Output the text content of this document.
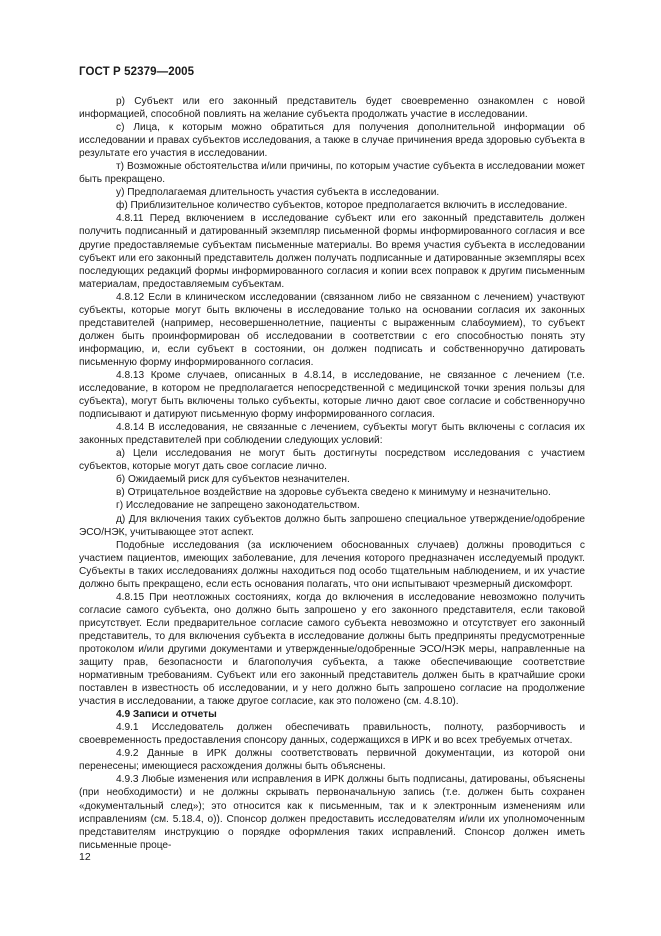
ГОСТ Р 52379—2005

р) Субъект или его законный представитель будет своевременно ознакомлен с новой информацией, способной повлиять на желание субъекта продолжать участие в исследовании.

с) Лица, к которым можно обратиться для получения дополнительной информации об исследовании и правах субъектов исследования, а также в случае причинения вреда здоровью субъекта в результате его участия в исследовании.

т) Возможные обстоятельства и/или причины, по которым участие субъекта в исследовании может быть прекращено.

у) Предполагаемая длительность участия субъекта в исследовании.

ф) Приблизительное количество субъектов, которое предполагается включить в исследование.

4.8.11 Перед включением в исследование субъект или его законный представитель должен получить подписанный и датированный экземпляр письменной формы информированного согласия и все другие предоставляемые субъектам письменные материалы. Во время участия субъекта в исследовании субъект или его законный представитель должен получать подписанные и датированные экземпляры всех последующих редакций формы информированного согласия и копии всех поправок к другим письменным материалам, предоставляемым субъектам.

4.8.12 Если в клиническом исследовании (связанном либо не связанном с лечением) участвуют субъекты, которые могут быть включены в исследование только на основании согласия их законных представителей (например, несовершеннолетние, пациенты с выраженным слабоумием), то субъект должен быть проинформирован об исследовании в соответствии с его способностью понять эту информацию, и, если субъект в состоянии, он должен подписать и собственноручно датировать письменную форму информированного согласия.

4.8.13 Кроме случаев, описанных в 4.8.14, в исследование, не связанное с лечением (т.е. исследование, в котором не предполагается непосредственной с медицинской точки зрения пользы для субъекта), могут быть включены только субъекты, которые лично дают свое согласие и собственноручно подписывают и датируют письменную форму информированного согласия.

4.8.14 В исследования, не связанные с лечением, субъекты могут быть включены с согласия их законных представителей при соблюдении следующих условий:

а) Цели исследования не могут быть достигнуты посредством исследования с участием субъектов, которые могут дать свое согласие лично.

б) Ожидаемый риск для субъектов незначителен.

в) Отрицательное воздействие на здоровье субъекта сведено к минимуму и незначительно.

г) Исследование не запрещено законодательством.

д) Для включения таких субъектов должно быть запрошено специальное утверждение/одобрение ЭСО/НЭК, учитывающее этот аспект.

Подобные исследования (за исключением обоснованных случаев) должны проводиться с участием пациентов, имеющих заболевание, для лечения которого предназначен исследуемый продукт. Субъекты в таких исследованиях должны находиться под особо тщательным наблюдением, и их участие должно быть прекращено, если есть основания полагать, что они испытывают чрезмерный дискомфорт.

4.8.15 При неотложных состояниях, когда до включения в исследование невозможно получить согласие самого субъекта, оно должно быть запрошено у его законного представителя, если таковой присутствует. Если предварительное согласие самого субъекта невозможно и отсутствует его законный представитель, то для включения субъекта в исследование должны быть предприняты предусмотренные протоколом и/или другими документами и утвержденные/одобренные ЭСО/НЭК меры, направленные на защиту прав, безопасности и благополучия субъекта, а также обеспечивающие соответствие нормативным требованиям. Субъект или его законный представитель должен быть в кратчайшие сроки поставлен в известность об исследовании, и у него должно быть запрошено согласие на продолжение участия в исследовании, а также другое согласие, как это положено (см. 4.8.10).

4.9 Записи и отчеты

4.9.1 Исследователь должен обеспечивать правильность, полноту, разборчивость и своевременность предоставления спонсору данных, содержащихся в ИРК и во всех требуемых отчетах.

4.9.2 Данные в ИРК должны соответствовать первичной документации, из которой они перенесены; имеющиеся расхождения должны быть объяснены.

4.9.3 Любые изменения или исправления в ИРК должны быть подписаны, датированы, объяснены (при необходимости) и не должны скрывать первоначальную запись (т.е. должен быть сохранен «документальный след»); это относится как к письменным, так и к электронным изменениям или исправлениям (см. 5.18.4, о)). Спонсор должен предоставить исследователям и/или их уполномоченным представителям инструкцию о порядке оформления таких исправлений. Спонсор должен иметь письменные проце-

12
